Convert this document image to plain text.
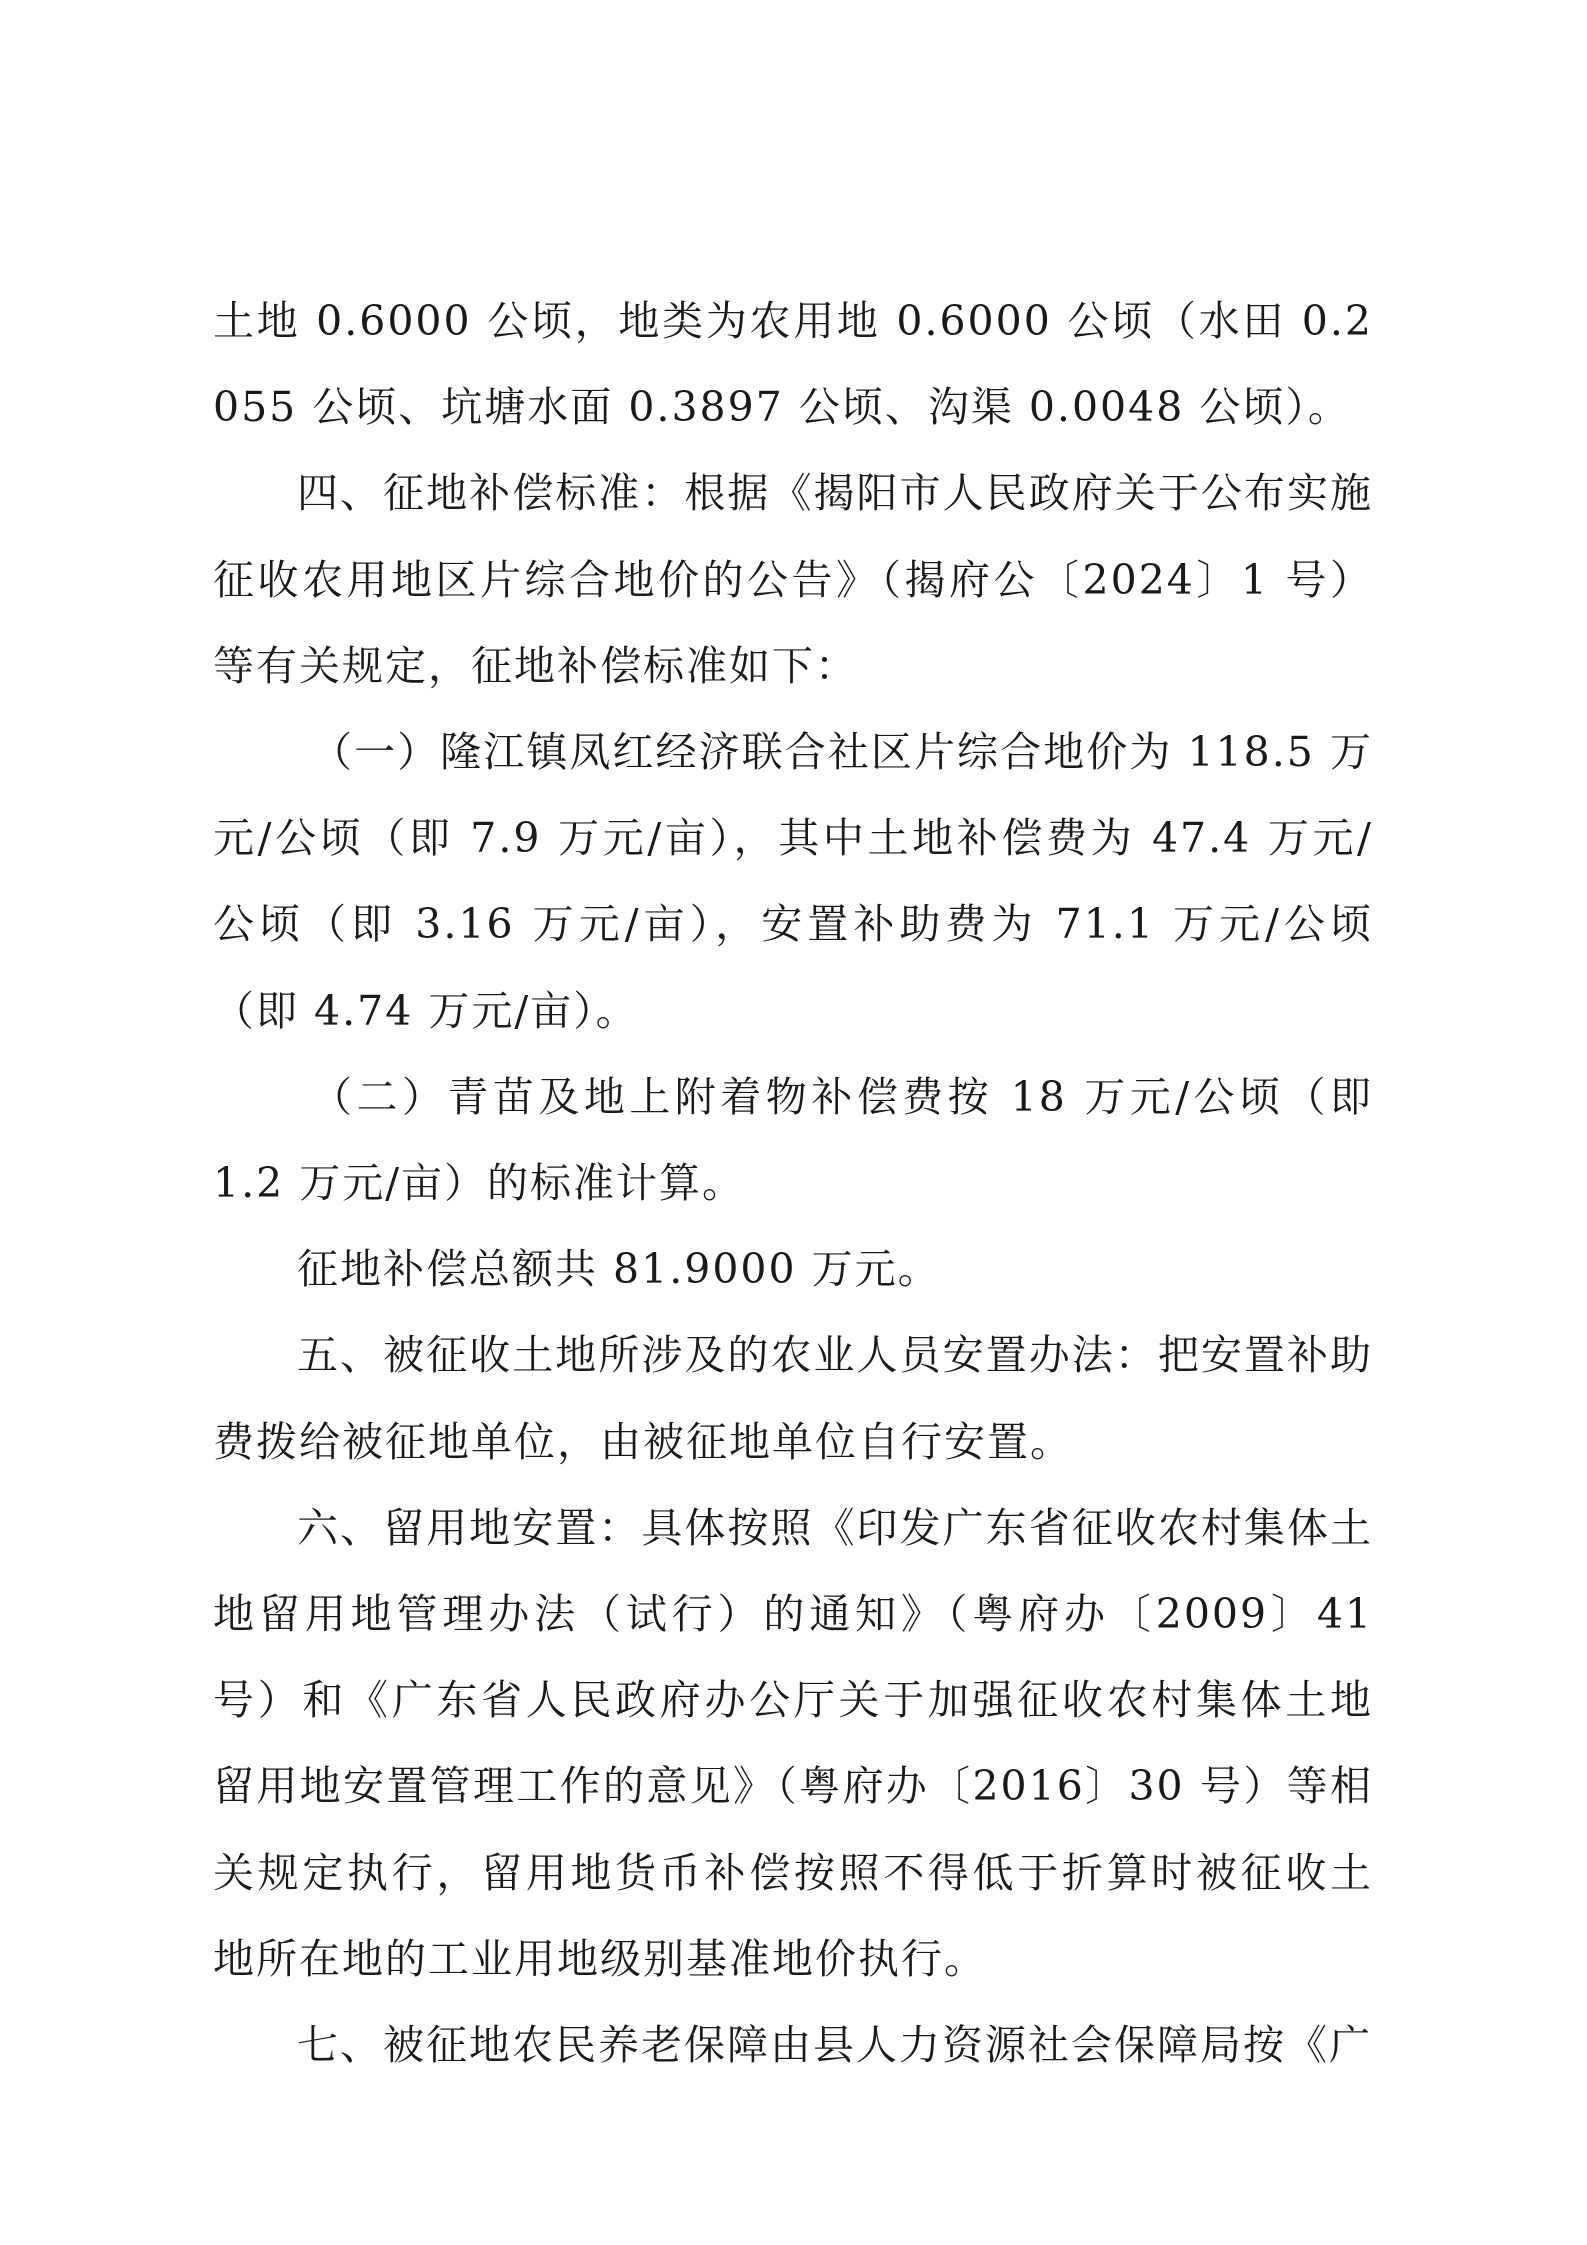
土地 0.6000 公顷，地类为农用地 0.6000 公顷（水田 0.2055 公顷、坑塘水面 0.3897 公顷、沟渠 0.0048 公顷）。

四、征地补偿标准：根据《揭阳市人民政府关于公布实施征收农用地区片综合地价的公告》（揭府公〔2024〕1 号）等有关规定，征地补偿标准如下：

（一）隆江镇凤红经济联合社区片综合地价为 118.5 万元/公顷（即 7.9 万元/亩），其中土地补偿费为 47.4 万元/公顷（即 3.16 万元/亩），安置补助费为 71.1 万元/公顷（即 4.74 万元/亩）。

（二）青苗及地上附着物补偿费按 18 万元/公顷（即 1.2 万元/亩）的标准计算。

征地补偿总额共 81.9000 万元。

五、被征收土地所涉及的农业人员安置办法：把安置补助费拨给被征地单位，由被征地单位自行安置。

六、留用地安置：具体按照《印发广东省征收农村集体土地留用地管理办法（试行）的通知》（粤府办〔2009〕41 号）和《广东省人民政府办公厅关于加强征收农村集体土地留用地安置管理工作的意见》（粤府办〔2016〕30 号）等相关规定执行，留用地货币补偿按照不得低于折算时被征收土地所在地的工业用地级别基准地价执行。

七、被征地农民养老保障由县人力资源社会保障局按《广
